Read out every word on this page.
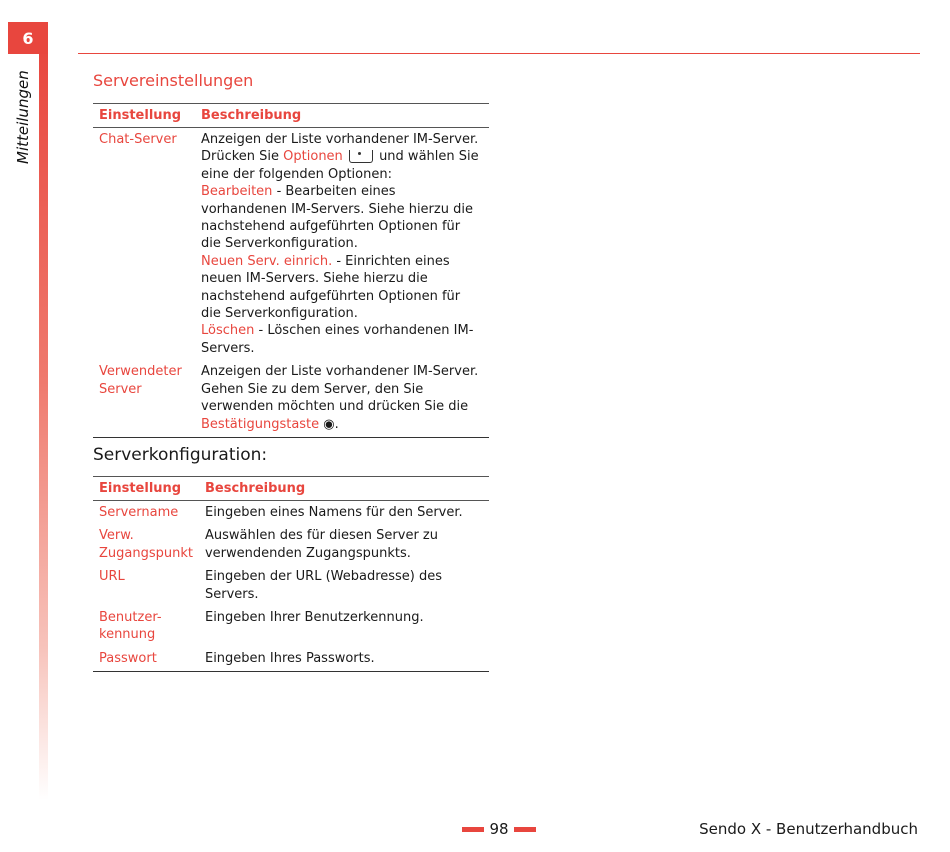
6
Mitteilungen	Servereinstellungen
Einstellung	Beschreibung
Chat-Server	Anzeigen der Liste vorhandener IM-Server. Drücken Sie Optionen  und wählen Sie eine der folgenden Optionen:
Bearbeiten - Bearbeiten eines vorhandenen IM-Servers. Siehe hierzu die nachstehend aufgeführten Optionen für die Serverkonfiguration.
Neuen Serv. einrich. - Einrichten eines neuen IM-Servers. Siehe hierzu die nachstehend aufgeführten Optionen für die Serverkonfiguration.
Löschen - Löschen eines vorhandenen IM-Servers.
Verwendeter Server	Anzeigen der Liste vorhandener IM-Server. Gehen Sie zu dem Server, den Sie verwenden möchten und drücken Sie die Bestätigungstaste ◉.
Serverkonfiguration:
Einstellung	Beschreibung
Servername	Eingeben eines Namens für den Server.
Verw. Zugangspunkt	Auswählen des für diesen Server zu verwendenden Zugangspunkts.
URL	Eingeben der URL (Webadresse) des Servers.
Benutzer-kennung	Eingeben Ihrer Benutzerkennung.
Passwort	Eingeben Ihres Passworts.
98	Sendo X - Benutzerhandbuch
